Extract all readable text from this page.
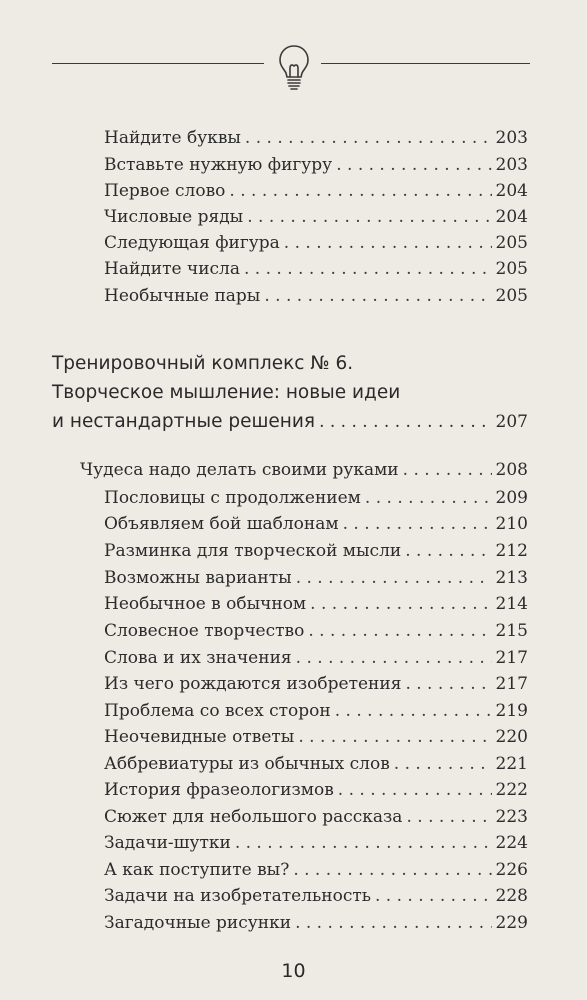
Найдите буквы . . .	203
Вставьте нужную фигуру . . .	203
Первое слово . . .	204
Числовые ряды . . .	204
Следующая фигура . . .	205
Найдите числа . . .	205
Необычные пары . . .	205
Тренировочный комплекс № 6.
Творческое мышление: новые идеи
и нестандартные решения . . .	207
Чудеса надо делать своими руками . . .	208
Пословицы с продолжением . . .	209
Объявляем бой шаблонам . . .	210
Разминка для творческой мысли . . .	212
Возможны варианты . . .	213
Необычное в обычном . . .	214
Словесное творчество . . .	215
Слова и их значения . . .	217
Из чего рождаются изобретения . . .	217
Проблема со всех сторон . . .	219
Неочевидные ответы . . .	220
Аббревиатуры из обычных слов . . .	221
История фразеологизмов . . .	222
Сюжет для небольшого рассказа . . .	223
Задачи-шутки . . .	224
А как поступите вы? . . .	226
Задачи на изобретательность . . .	228
Загадочные рисунки . . .	229
10
